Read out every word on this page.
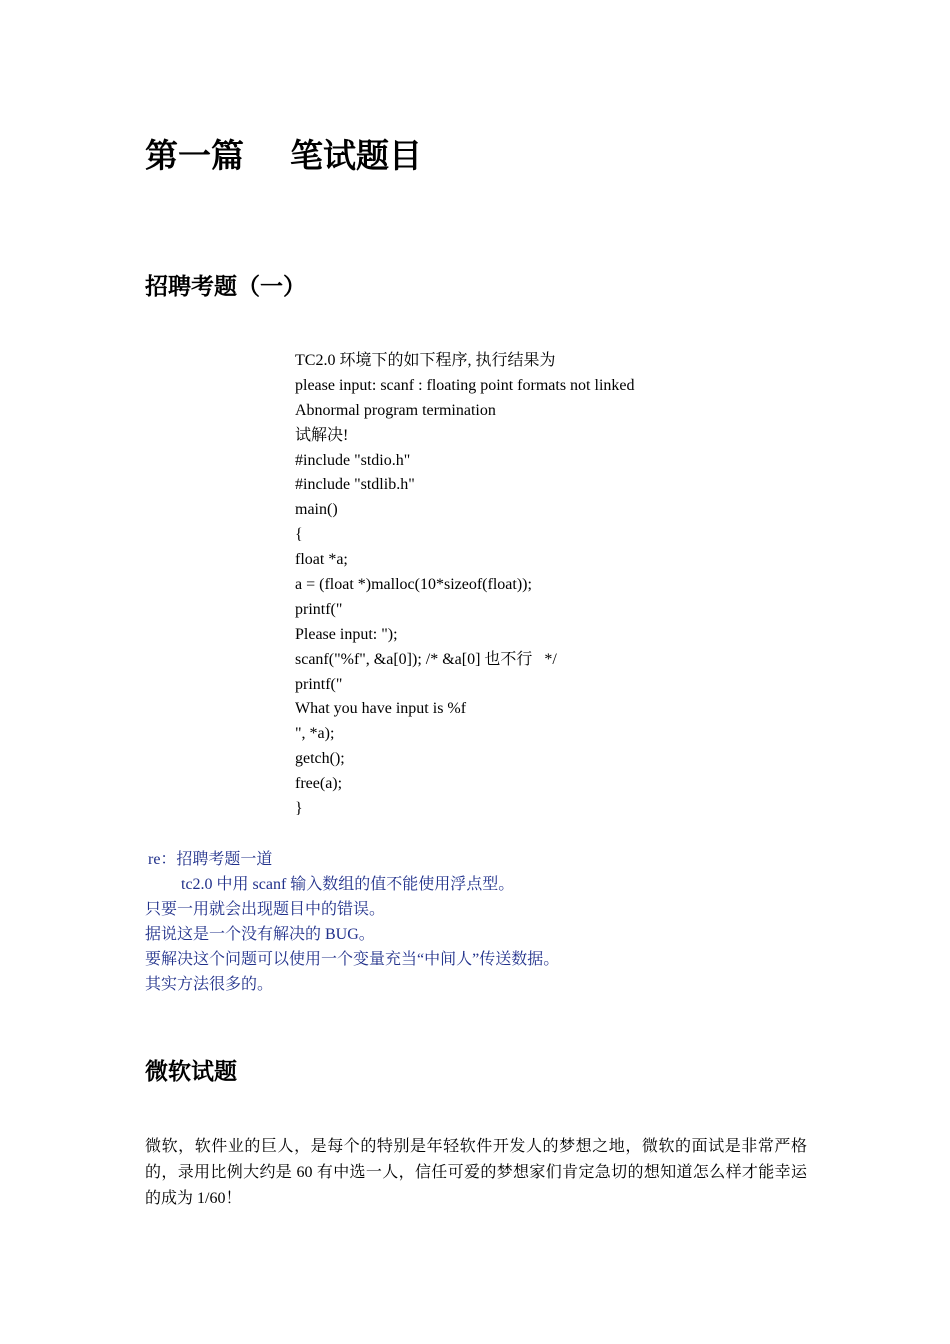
第一篇    笔试题目
招聘考题（一）
TC2.0 环境下的如下程序, 执行结果为
please input: scanf : floating point formats not linked
Abnormal program termination
试解决!
#include "stdio.h"
#include "stdlib.h"
main()
{
float *a;
a = (float *)malloc(10*sizeof(float));
printf("
Please input: ");
scanf("%f", &a[0]); /* &a[0] 也不行   */
printf("
What you have input is %f
", *a);
getch();
free(a);
}
re：招聘考题一道
tc2.0 中用 scanf 输入数组的值不能使用浮点型。
只要一用就会出现题目中的错误。
据说这是一个没有解决的 BUG。
要解决这个问题可以使用一个变量充当“中间人”传送数据。
其实方法很多的。
微软试题

微软，软件业的巨人，是每个的特别是年轻软件开发人的梦想之地，微软的面试是非常严格的，录用比例大约是 60 有中选一人，信任可爱的梦想家们肯定急切的想知道怎么样才能幸运的成为 1/60！
